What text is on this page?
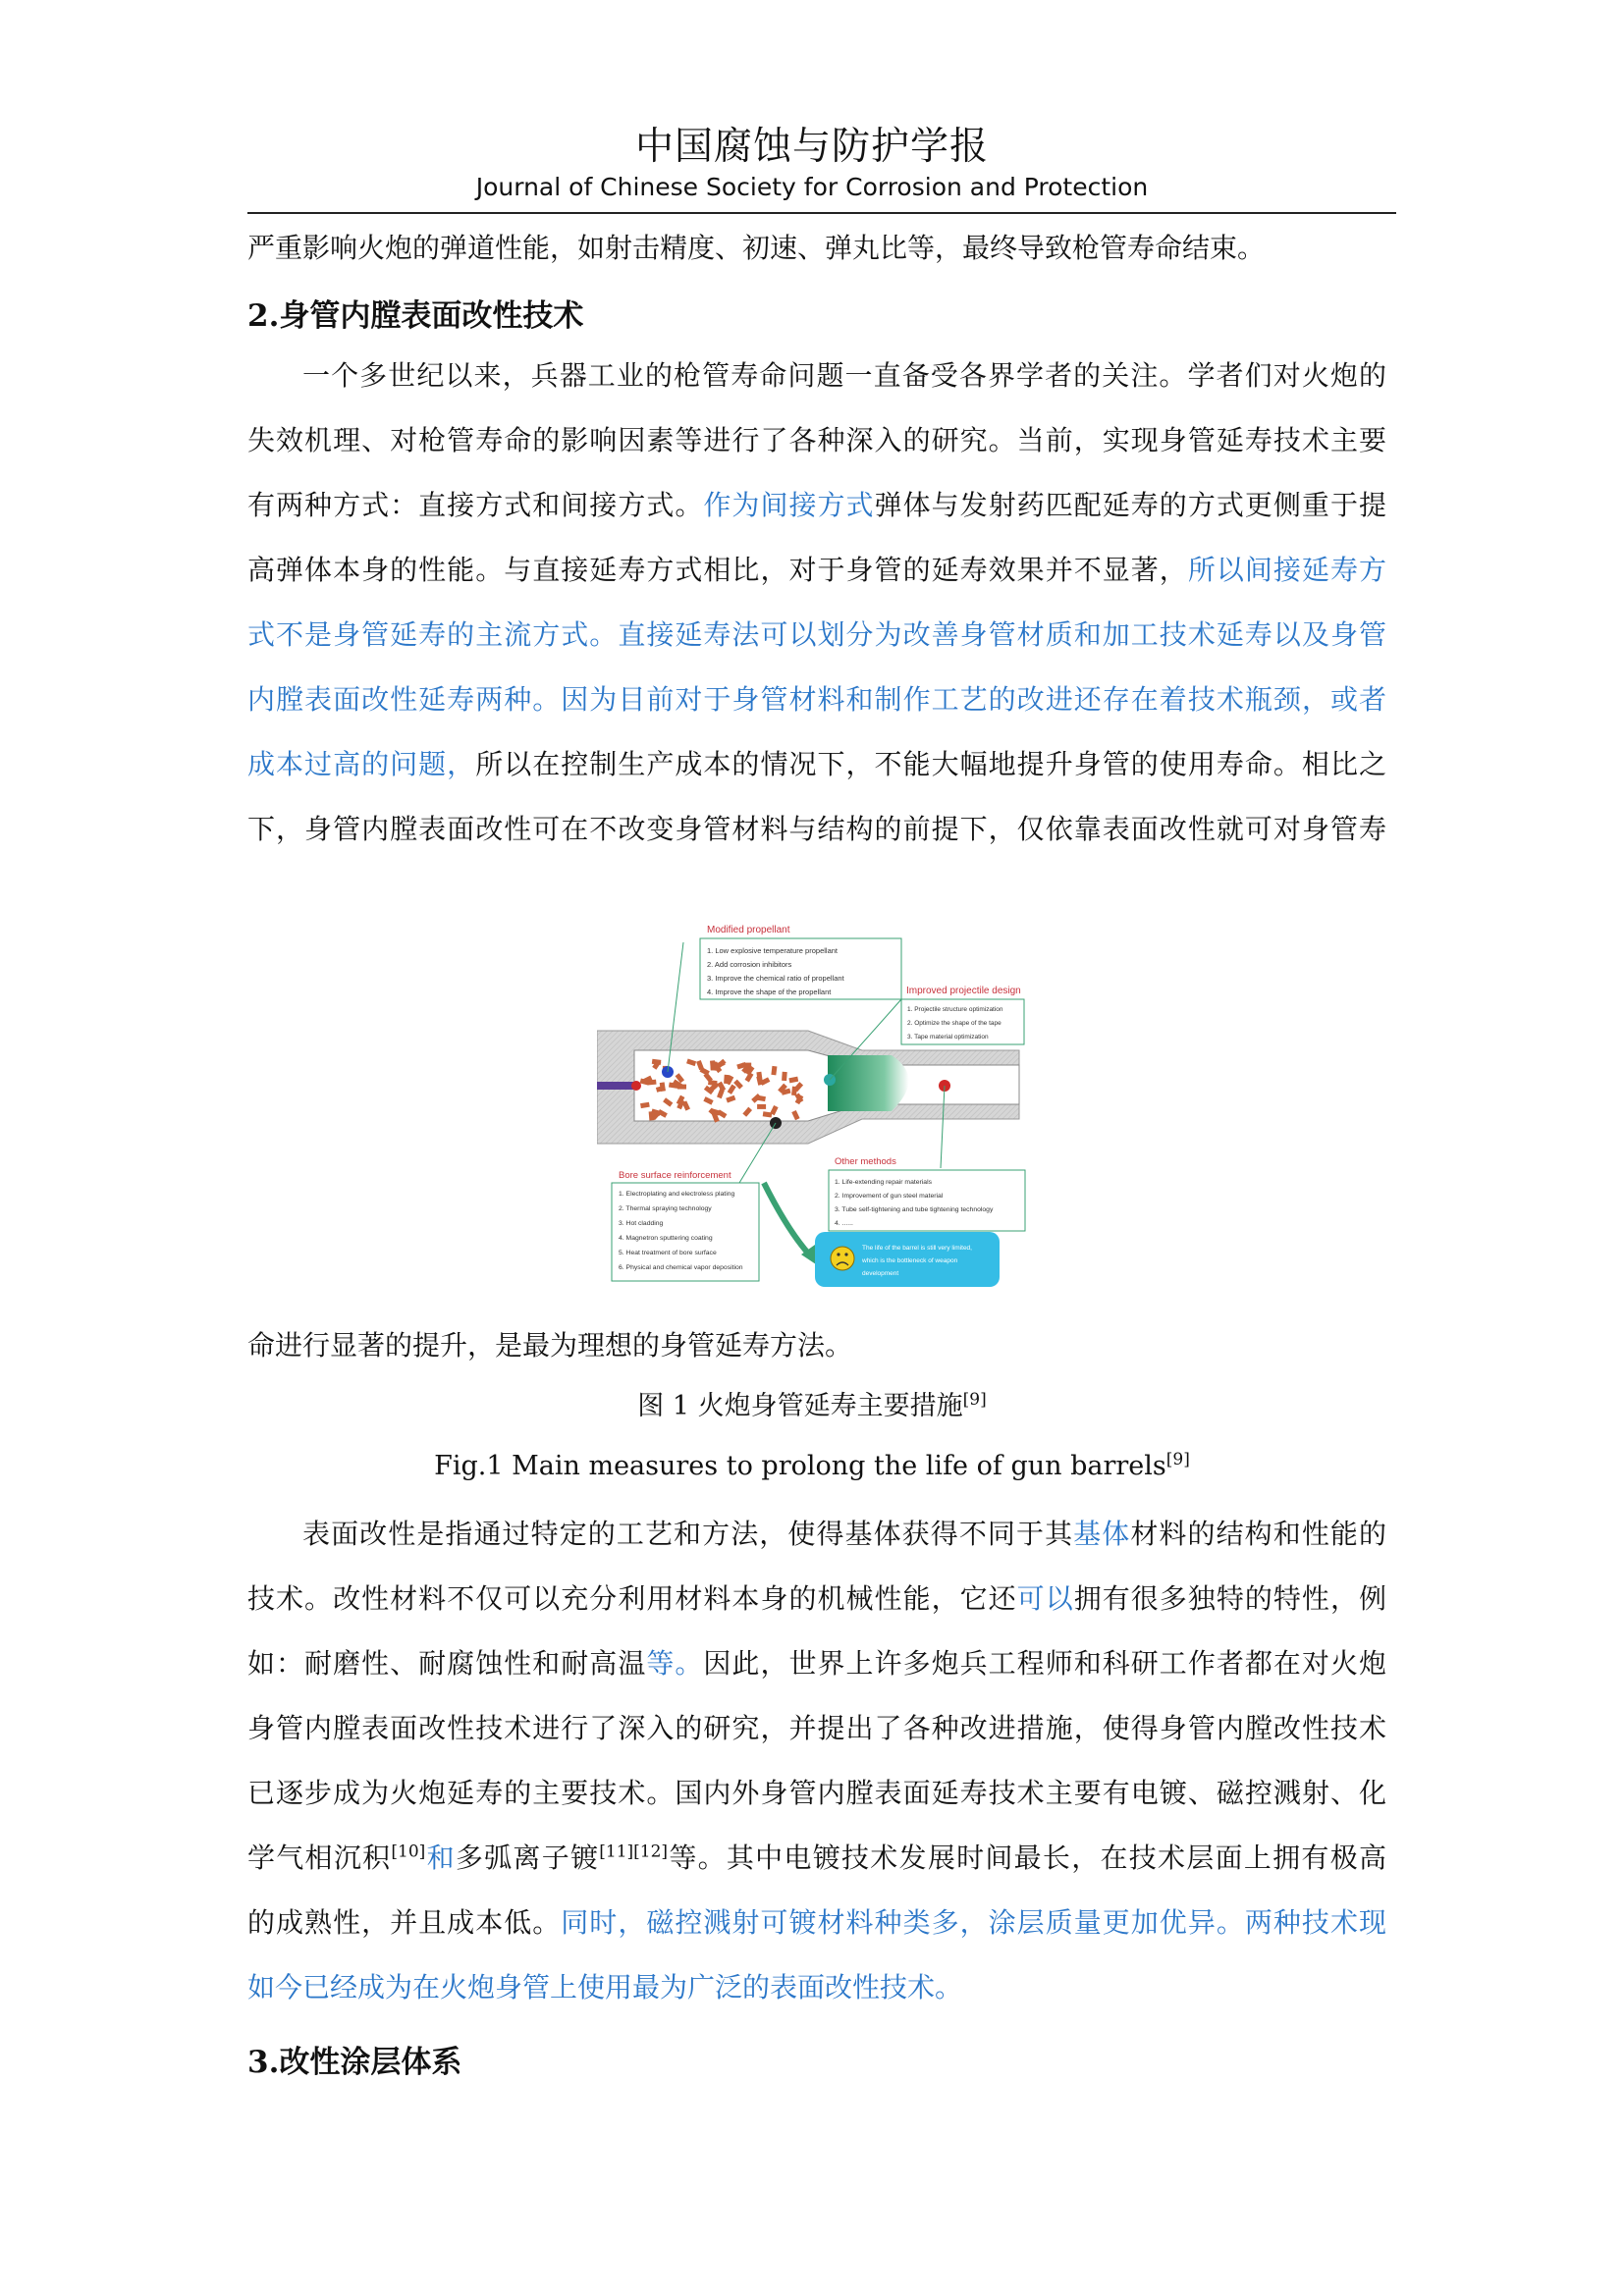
中国腐蚀与防护学报
Journal of Chinese Society for Corrosion and Protection
严重影响火炮的弹道性能，如射击精度、初速、弹丸比等，最终导致枪管寿命结束。
2.身管内膛表面改性技术
一个多世纪以来，兵器工业的枪管寿命问题一直备受各界学者的关注。学者们对火炮的
失效机理、对枪管寿命的影响因素等进行了各种深入的研究。当前，实现身管延寿技术主要
有两种方式：直接方式和间接方式。作为间接方式弹体与发射药匹配延寿的方式更侧重于提
高弹体本身的性能。与直接延寿方式相比，对于身管的延寿效果并不显著，所以间接延寿方
式不是身管延寿的主流方式。直接延寿法可以划分为改善身管材质和加工技术延寿以及身管
内膛表面改性延寿两种。因为目前对于身管材料和制作工艺的改进还存在着技术瓶颈，或者
成本过高的问题，所以在控制生产成本的情况下，不能大幅地提升身管的使用寿命。相比之
下，身管内膛表面改性可在不改变身管材料与结构的前提下，仅依靠表面改性就可对身管寿
Modified propellant
1. Low explosive temperature propellant
2. Add corrosion inhibitors
3. Improve the chemical ratio of propellant
4. Improve the shape of the propellant	Improved projectile design
1. Projectile structure optimization
2. Optimize the shape of the tape
3. Tape material optimization
Bore surface reinforcement
1. Electroplating and electroless plating
2. Thermal spraying technology
3. Hot cladding
4. Magnetron sputtering coating
5. Heat treatment of bore surface
6. Physical and chemical vapor deposition
Other methods
1. Life-extending repair materials
2. Improvement of gun steel material
3. Tube self-tightening and tube tightening technology
4. ......
The life of the barrel is still very limited,
which is the bottleneck of weapon
development
命进行显著的提升，是最为理想的身管延寿方法。
图 1 火炮身管延寿主要措施[9]
Fig.1 Main measures to prolong the life of gun barrels[9]
表面改性是指通过特定的工艺和方法，使得基体获得不同于其基体材料的结构和性能的
技术。改性材料不仅可以充分利用材料本身的机械性能，它还可以拥有很多独特的特性，例
如：耐磨性、耐腐蚀性和耐高温等。因此，世界上许多炮兵工程师和科研工作者都在对火炮
身管内膛表面改性技术进行了深入的研究，并提出了各种改进措施，使得身管内膛改性技术
已逐步成为火炮延寿的主要技术。国内外身管内膛表面延寿技术主要有电镀、磁控溅射、化
学气相沉积[10]和多弧离子镀[11][12]等。其中电镀技术发展时间最长，在技术层面上拥有极高
的成熟性，并且成本低。同时，磁控溅射可镀材料种类多，涂层质量更加优异。两种技术现
如今已经成为在火炮身管上使用最为广泛的表面改性技术。
3.改性涂层体系
